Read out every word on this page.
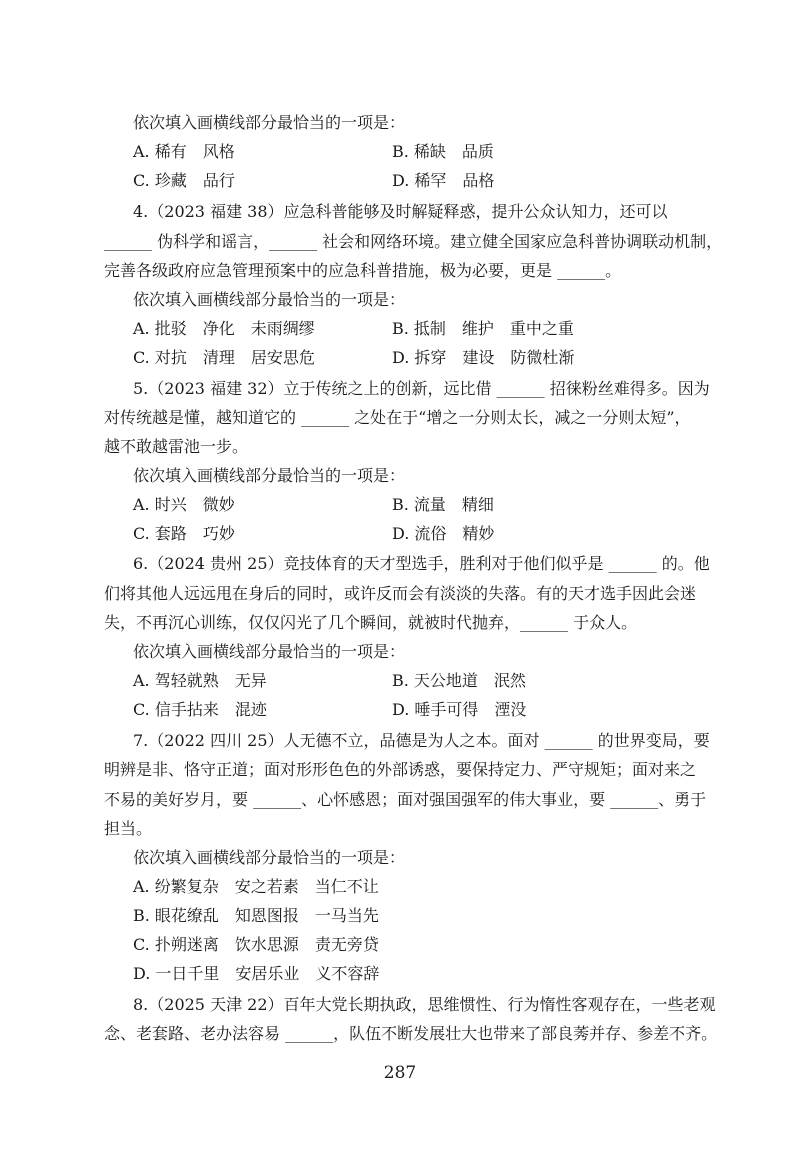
依次填入画横线部分最恰当的一项是：
A. 稀有　风格	B. 稀缺　品质
C. 珍藏　品行	D. 稀罕　品格
4.（2023 福建 38）应急科普能够及时解疑释惑，提升公众认知力，还可以
______ 伪科学和谣言，______ 社会和网络环境。建立健全国家应急科普协调联动机制，
完善各级政府应急管理预案中的应急科普措施，极为必要，更是 ______。
依次填入画横线部分最恰当的一项是：
A. 批驳　净化　未雨绸缪	B. 抵制　维护　重中之重
C. 对抗　清理　居安思危	D. 拆穿　建设　防微杜渐
5.（2023 福建 32）立于传统之上的创新，远比借 ______ 招徕粉丝难得多。因为
对传统越是懂，越知道它的 ______ 之处在于“增之一分则太长，减之一分则太短”，
越不敢越雷池一步。
依次填入画横线部分最恰当的一项是：
A. 时兴　微妙	B. 流量　精细
C. 套路　巧妙	D. 流俗　精妙
6.（2024 贵州 25）竞技体育的天才型选手，胜利对于他们似乎是 ______ 的。他
们将其他人远远甩在身后的同时，或许反而会有淡淡的失落。有的天才选手因此会迷
失，不再沉心训练，仅仅闪光了几个瞬间，就被时代抛弃，______ 于众人。
依次填入画横线部分最恰当的一项是：
A. 驾轻就熟　无异	B. 天公地道　泯然
C. 信手拈来　混迹	D. 唾手可得　湮没
7.（2022 四川 25）人无德不立，品德是为人之本。面对 ______ 的世界变局，要
明辨是非、恪守正道；面对形形色色的外部诱惑，要保持定力、严守规矩；面对来之
不易的美好岁月，要 ______、心怀感恩；面对强国强军的伟大事业，要 ______、勇于
担当。
依次填入画横线部分最恰当的一项是：
A. 纷繁复杂　安之若素　当仁不让
B. 眼花缭乱　知恩图报　一马当先
C. 扑朔迷离　饮水思源　责无旁贷
D. 一日千里　安居乐业　义不容辞
8.（2025 天津 22）百年大党长期执政，思维惯性、行为惰性客观存在，一些老观
念、老套路、老办法容易 ______，队伍不断发展壮大也带来了部良莠并存、参差不齐。
287
